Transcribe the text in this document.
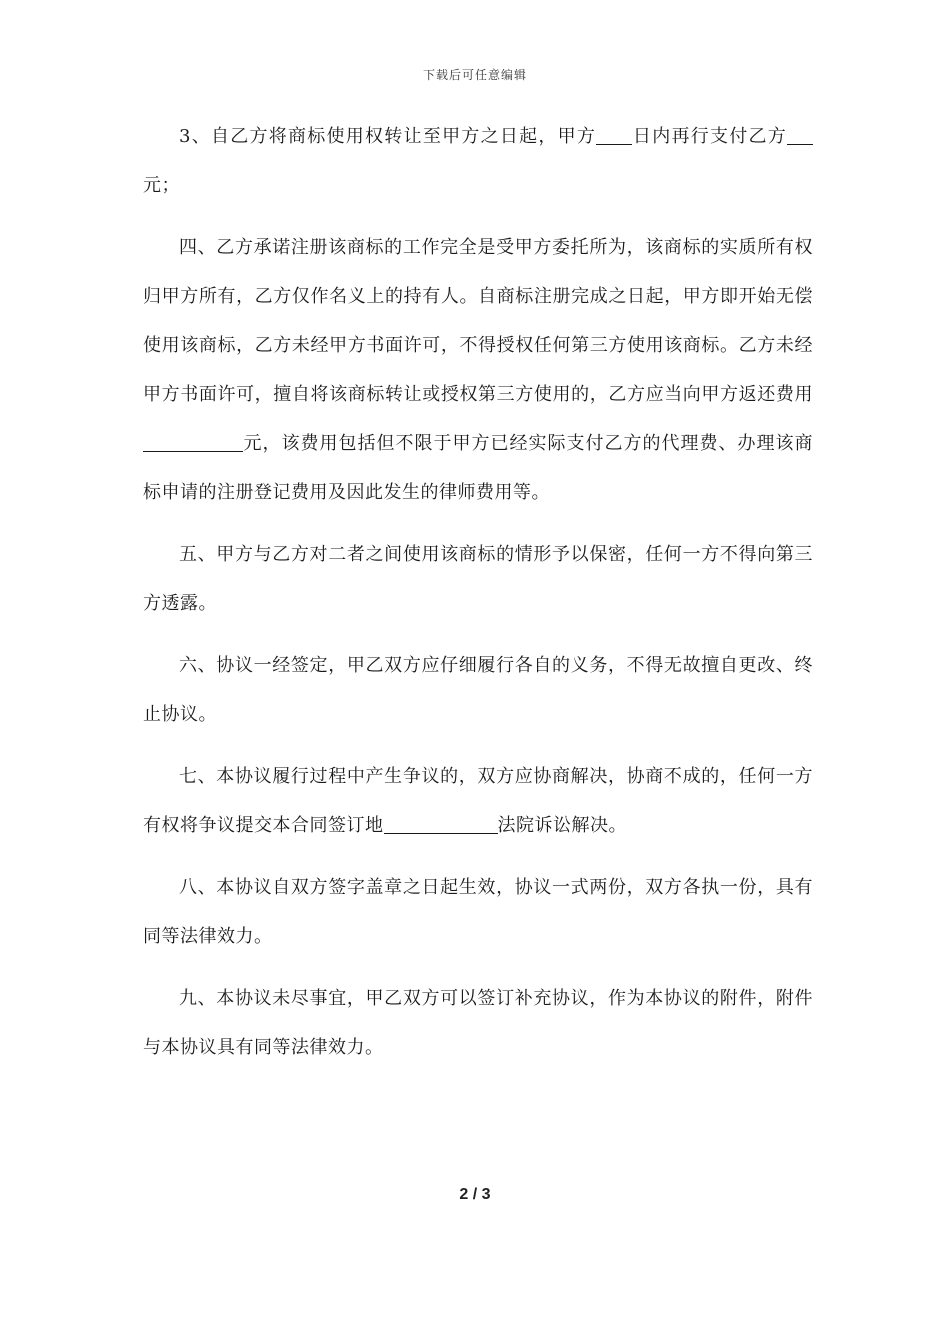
下载后可任意编辑

3、自乙方将商标使用权转让至甲方之日起，甲方 日内再行支付乙方元；

四、乙方承诺注册该商标的工作完全是受甲方委托所为，该商标的实质所有权归甲方所有，乙方仅作名义上的持有人。自商标注册完成之日起，甲方即开始无偿使用该商标，乙方未经甲方书面许可，不得授权任何第三方使用该商标。乙方未经甲方书面许可，擅自将该商标转让或授权第三方使用的，乙方应当向甲方返还费用元，该费用包括但不限于甲方已经实际支付乙方的代理费、办理该商标申请的注册登记费用及因此发生的律师费用等。

五、甲方与乙方对二者之间使用该商标的情形予以保密，任何一方不得向第三方透露。

六、协议一经签定，甲乙双方应仔细履行各自的义务，不得无故擅自更改、终止协议。

七、本协议履行过程中产生争议的，双方应协商解决，协商不成的，任何一方有权将争议提交本合同签订地	法院诉讼解决。

八、本协议自双方签字盖章之日起生效，协议一式两份，双方各执一份，具有同等法律效力。

九、本协议未尽事宜，甲乙双方可以签订补充协议，作为本协议的附件，附件与本协议具有同等法律效力。

2 / 3
